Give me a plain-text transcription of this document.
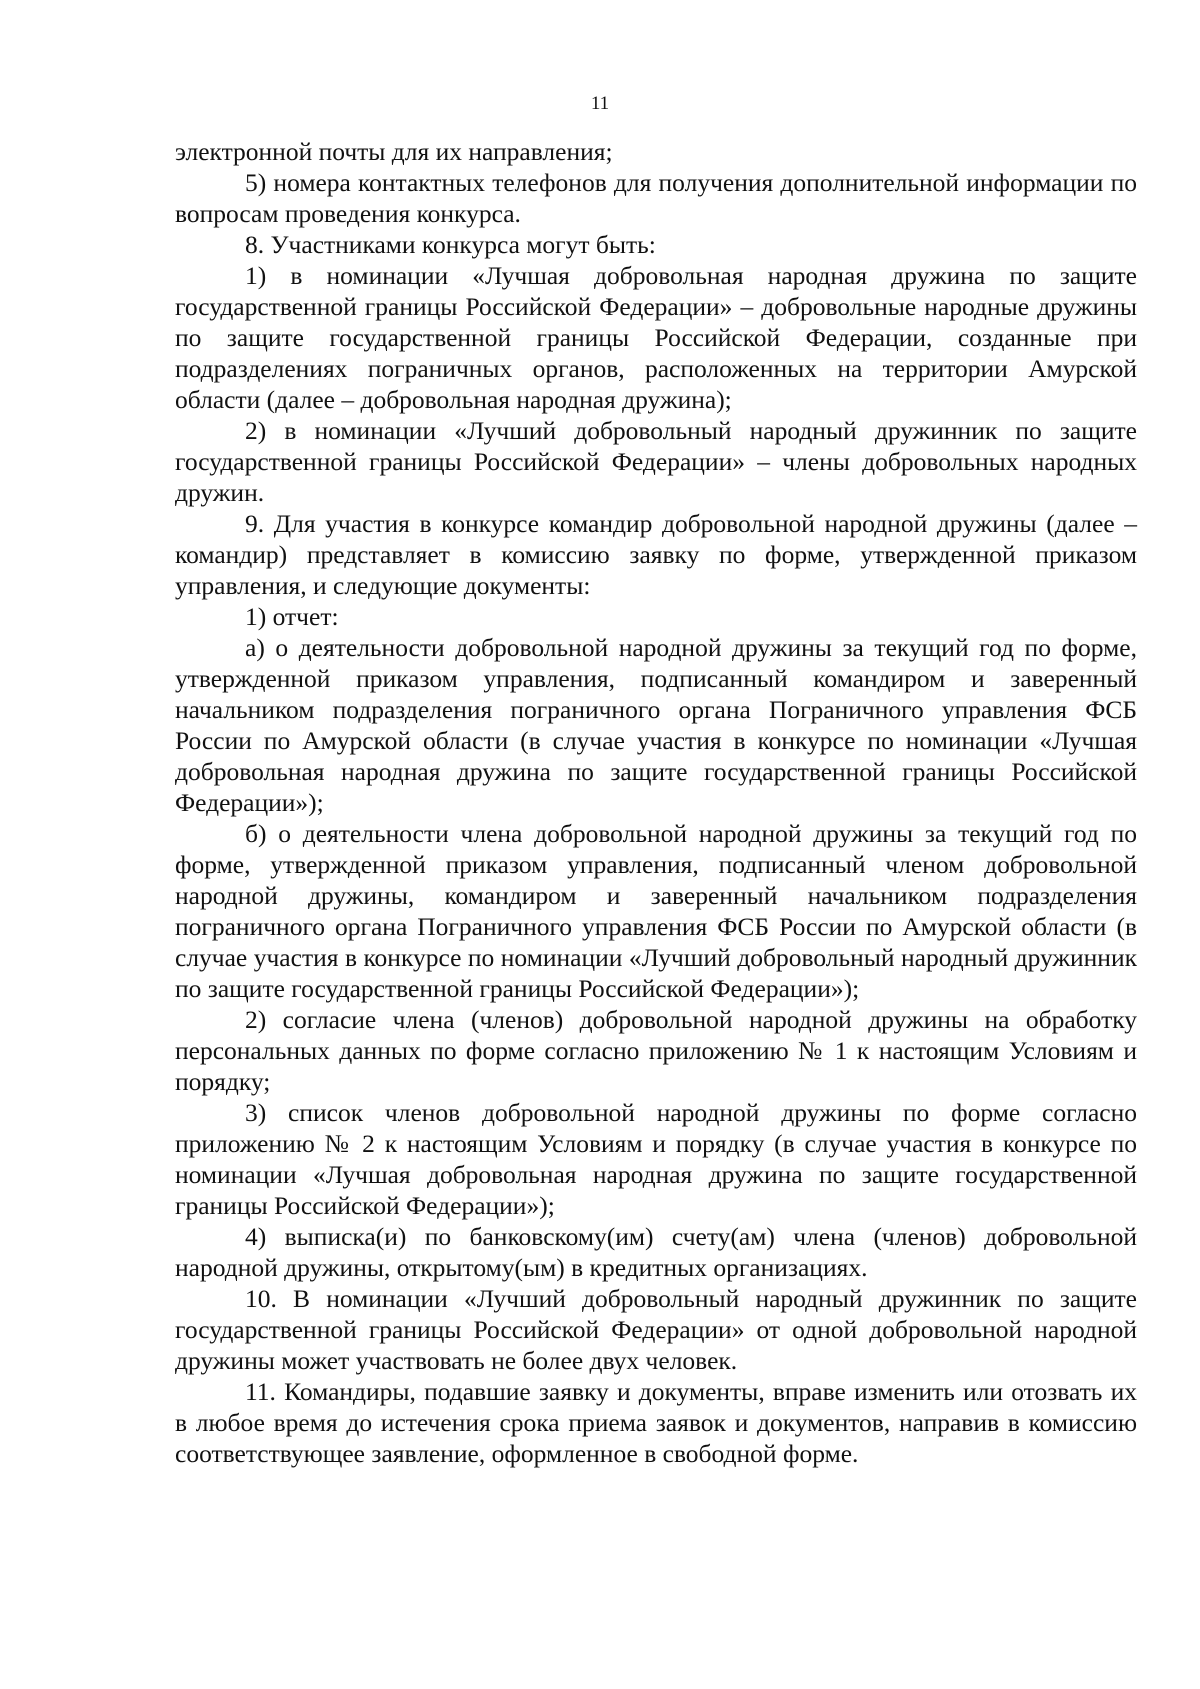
11

электронной почты для их направления;

5) номера контактных телефонов для получения дополнительной информации по вопросам проведения конкурса.

8. Участниками конкурса могут быть:

1) в номинации «Лучшая добровольная народная дружина по защите государственной границы Российской Федерации» – добровольные народные дружины по защите государственной границы Российской Федерации, созданные при подразделениях пограничных органов, расположенных на территории Амурской области (далее – добровольная народная дружина);

2) в номинации «Лучший добровольный народный дружинник по защите государственной границы Российской Федерации» – члены добровольных народных дружин.

9. Для участия в конкурсе командир добровольной народной дружины (далее – командир) представляет в комиссию заявку по форме, утвержденной приказом управления, и следующие документы:

1) отчет:

а) о деятельности добровольной народной дружины за текущий год по форме, утвержденной приказом управления, подписанный командиром и заверенный начальником подразделения пограничного органа Пограничного управления ФСБ России по Амурской области (в случае участия в конкурсе по номинации «Лучшая добровольная народная дружина по защите государственной границы Российской Федерации»);

б) о деятельности члена добровольной народной дружины за текущий год по форме, утвержденной приказом управления, подписанный членом добровольной народной дружины, командиром и заверенный начальником подразделения пограничного органа Пограничного управления ФСБ России по Амурской области (в случае участия в конкурсе по номинации «Лучший добровольный народный дружинник по защите государственной границы Российской Федерации»);

2) согласие члена (членов) добровольной народной дружины на обработку персональных данных по форме согласно приложению № 1 к настоящим Условиям и порядку;

3) список членов добровольной народной дружины по форме согласно приложению № 2 к настоящим Условиям и порядку (в случае участия в конкурсе по номинации «Лучшая добровольная народная дружина по защите государственной границы Российской Федерации»);

4) выписка(и) по банковскому(им) счету(ам) члена (членов) добровольной народной дружины, открытому(ым) в кредитных организациях.

10. В номинации «Лучший добровольный народный дружинник по защите государственной границы Российской Федерации» от одной добровольной народной дружины может участвовать не более двух человек.

11. Командиры, подавшие заявку и документы, вправе изменить или отозвать их в любое время до истечения срока приема заявок и документов, направив в комиссию соответствующее заявление, оформленное в свободной форме.
